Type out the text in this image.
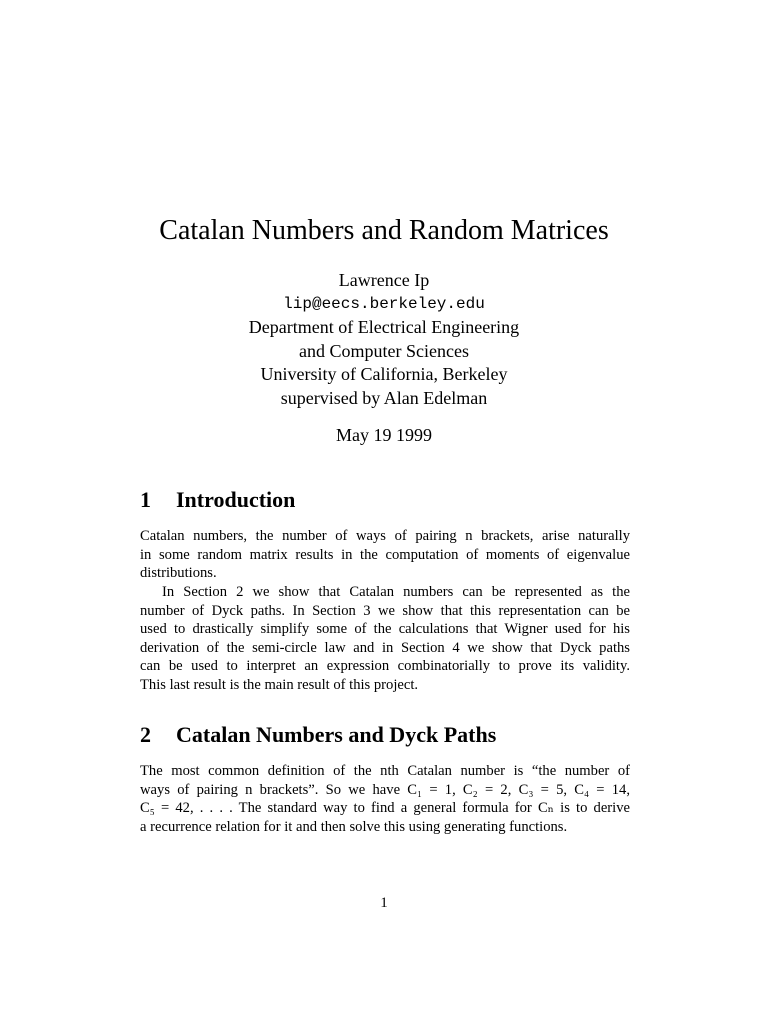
Catalan Numbers and Random Matrices
Lawrence Ip
lip@eecs.berkeley.edu
Department of Electrical Engineering
and Computer Sciences
University of California, Berkeley
supervised by Alan Edelman
May 19 1999
1 Introduction
Catalan numbers, the number of ways of pairing n brackets, arise naturally
in some random matrix results in the computation of moments of eigenvalue
distributions.
In Section 2 we show that Catalan numbers can be represented as the
number of Dyck paths. In Section 3 we show that this representation can be
used to drastically simplify some of the calculations that Wigner used for his
derivation of the semi-circle law and in Section 4 we show that Dyck paths
can be used to interpret an expression combinatorially to prove its validity.
This last result is the main result of this project.
2 Catalan Numbers and Dyck Paths
The most common definition of the nth Catalan number is “the number of
ways of pairing n brackets”. So we have C₁ = 1, C₂ = 2, C₃ = 5, C₄ = 14,
C₅ = 42, . . . . The standard way to find a general formula for Cₙ is to derive
a recurrence relation for it and then solve this using generating functions.
1
